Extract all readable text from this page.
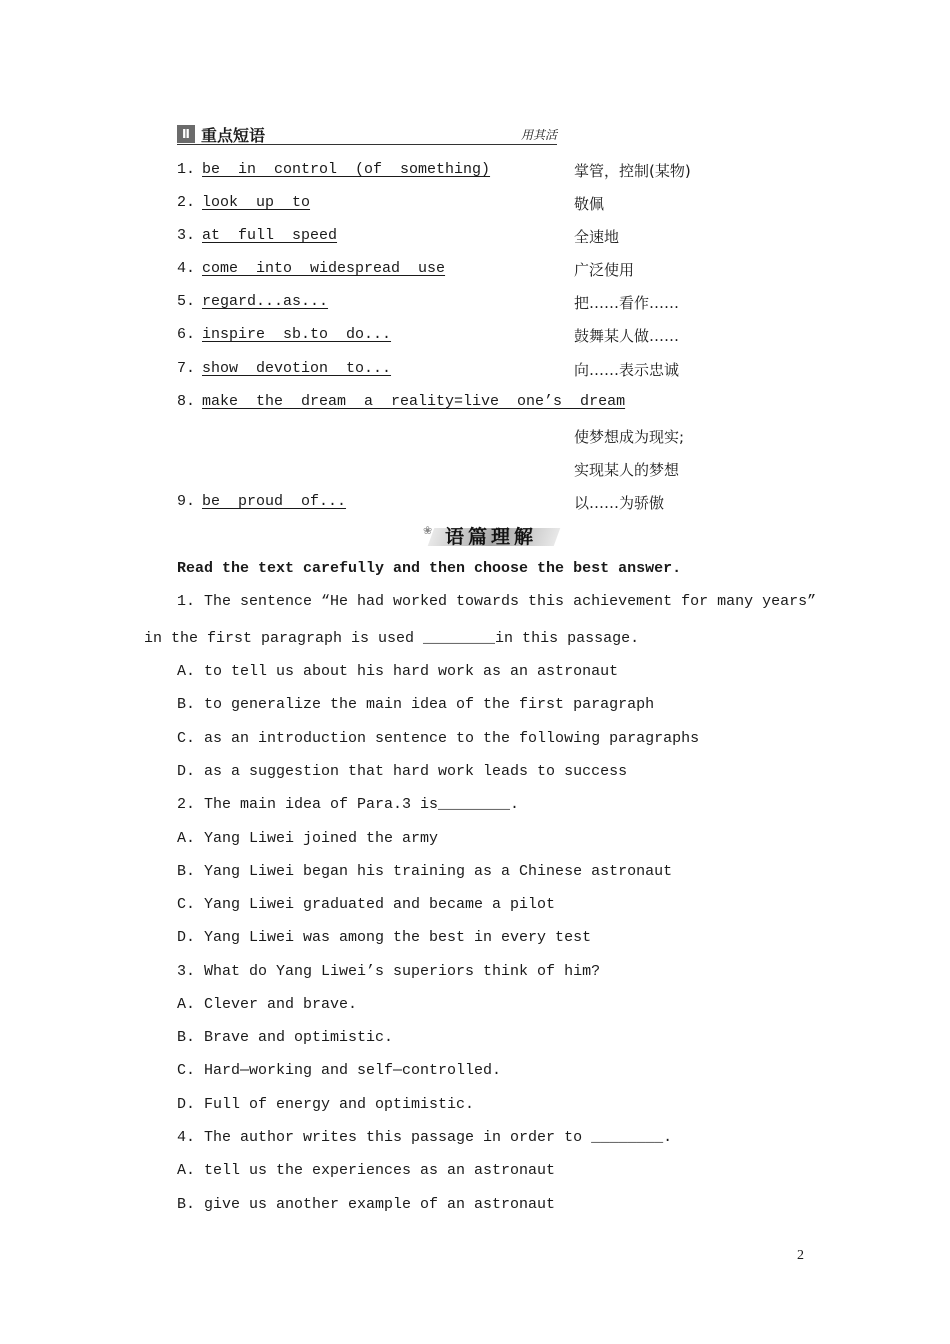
Ⅱ 重点短语	用其活
1. be  in  control  (of  something)	掌管，控制(某物)
2. look  up  to	敬佩
3. at  full  speed	全速地
4. come  into  widespread  use	广泛使用
5. regard...as...	把……看作……
6. inspire  sb.to  do...	鼓舞某人做……
7. show  devotion  to...	向……表示忠诚
8. make  the  dream  a  reality=live  one’s  dream
使梦想成为现实;
实现某人的梦想
9. be  proud  of...	以……为骄傲
❀ 语篇理解
Read the text carefully and then choose the best answer.
1. The sentence “He had worked towards this achievement for many years”
in the first paragraph is used ________in this passage.
A. to tell us about his hard work as an astronaut
B. to generalize the main idea of the first paragraph
C. as an introduction sentence to the following paragraphs
D. as a suggestion that hard work leads to success
2. The main idea of Para.3 is________.
A. Yang Liwei joined the army
B. Yang Liwei began his training as a Chinese astronaut
C. Yang Liwei graduated and became a pilot
D. Yang Liwei was among the best in every test
3. What do Yang Liwei’s superiors think of him?
A. Clever and brave.
B. Brave and optimistic.
C. Hard—working and self—controlled.
D. Full of energy and optimistic.
4. The author writes this passage in order to ________.
A. tell us the experiences as an astronaut
B. give us another example of an astronaut
2
